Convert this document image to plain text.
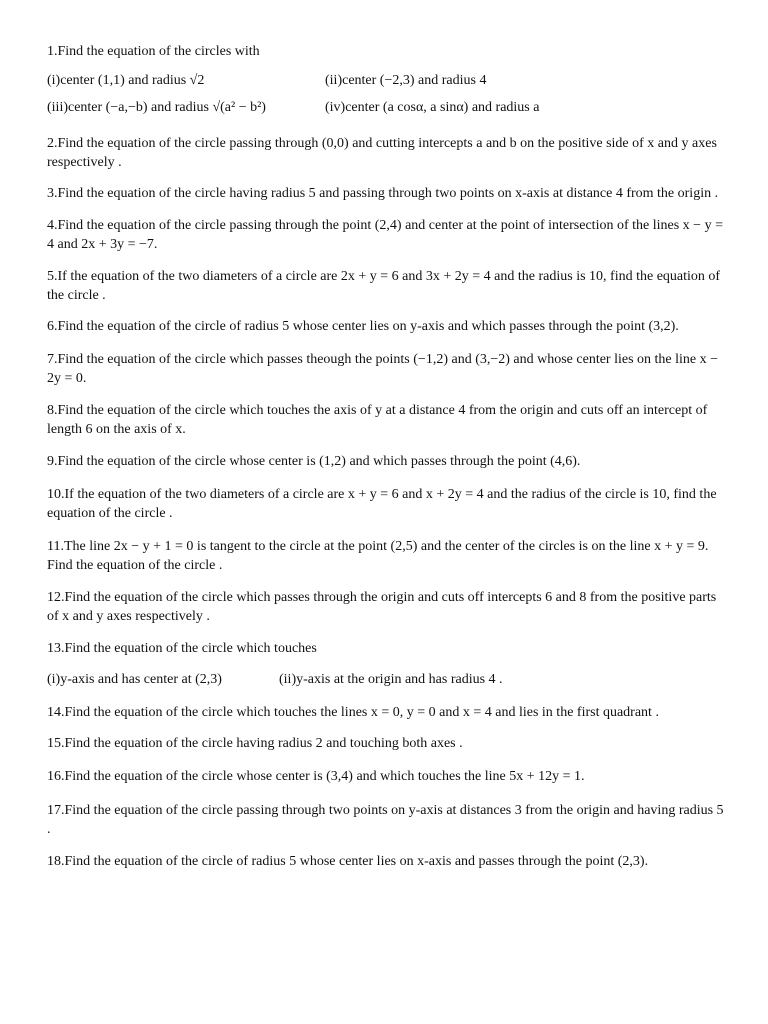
1.Find the equation of the circles with

(i)center (1,1) and radius √2	(ii)center (−2,3) and radius 4
(iii)center (−a,−b) and radius √(a² − b²)	(iv)center (a cosα, a sinα) and radius a

2.Find the equation of the circle passing through (0,0) and cutting intercepts a and b on the positive side of x and y axes respectively .

3.Find the equation of the circle having radius 5 and passing through two points on x-axis at distance 4 from the origin .

4.Find the equation of the circle passing through the point (2,4) and center at the point of intersection of the lines x − y = 4 and 2x + 3y = −7.

5.If the equation of the two diameters of a circle are 2x + y = 6 and 3x + 2y = 4 and the radius is 10, find the equation of the circle .

6.Find the equation of the circle of radius 5 whose center lies on y-axis and which passes through the point (3,2).

7.Find the equation of the circle which passes theough the points (−1,2) and (3,−2) and whose center lies on the line x − 2y = 0.

8.Find the equation of the circle which touches the axis of y at a distance 4 from the origin and cuts off an intercept of length 6 on the axis of x.

9.Find the equation of the circle whose center is (1,2) and which passes through the point (4,6).

10.If the equation of the two diameters of a circle are x + y = 6 and x + 2y = 4 and the radius of the circle is 10, find the equation of the circle .

11.The line 2x − y + 1 = 0 is tangent to the circle at the point (2,5) and the center of the circles is on the line x + y = 9. Find the equation of the circle .

12.Find the equation of the circle which passes through the origin and cuts off intercepts 6 and 8 from the positive parts of x and y axes respectively .

13.Find the equation of the circle which touches

(i)y-axis and has center at (2,3)	(ii)y-axis at the origin and has radius 4 .

14.Find the equation of the circle which touches the lines x = 0, y = 0 and x = 4 and lies in the first quadrant .

15.Find the equation of the circle having radius 2 and touching both axes .

16.Find the equation of the circle whose center is (3,4) and which touches the line 5x + 12y = 1.

17.Find the equation of the circle passing through two points on y-axis at distances 3 from the origin and having radius 5 .

18.Find the equation of the circle of radius 5 whose center lies on x-axis and passes through the point (2,3).
